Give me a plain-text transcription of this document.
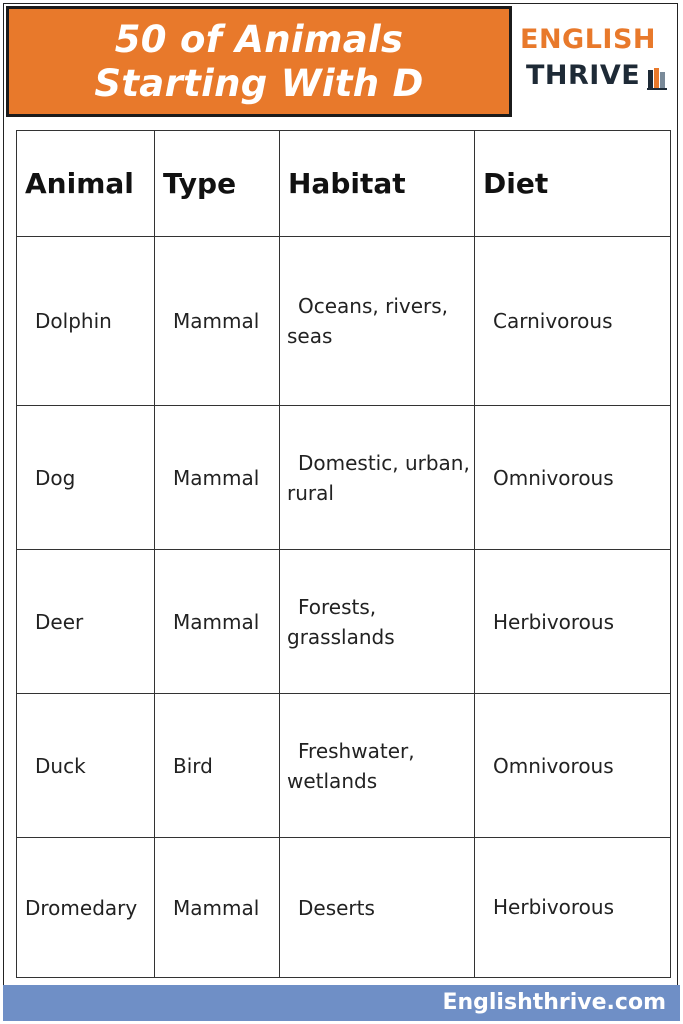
50 of Animals
Starting With D
ENGLISH
THRIVE
Animal	Type	Habitat	Diet
Dolphin	Mammal	Oceans, rivers, seas	Carnivorous
Dog	Mammal	Domestic, urban, rural	Omnivorous
Deer	Mammal	Forests, grasslands	Herbivorous
Duck	Bird	Freshwater, wetlands	Omnivorous
Dromedary	Mammal	Deserts	Herbivorous
Englishthrive.com
